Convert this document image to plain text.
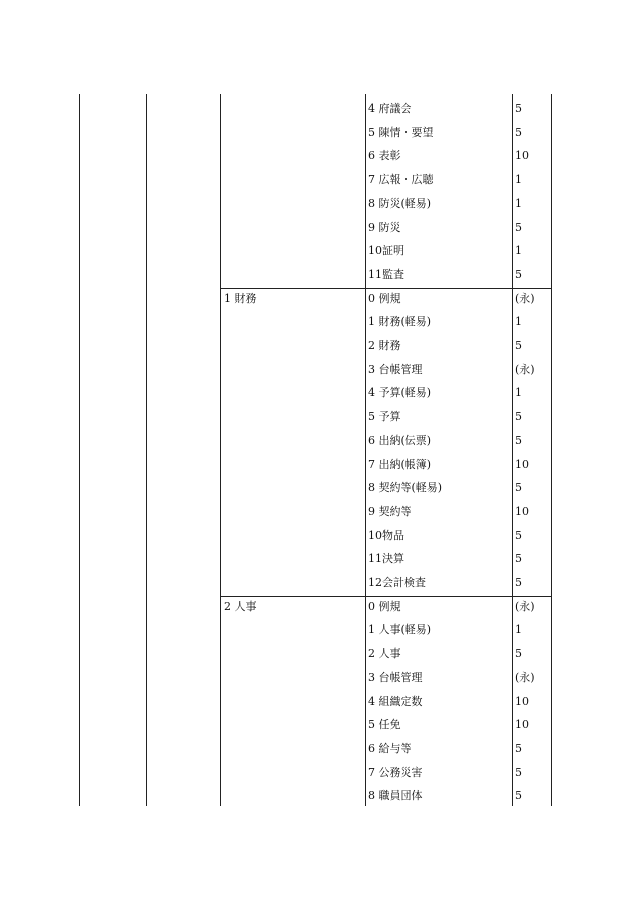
4 府議会	5
5 陳情・要望	5
6 表彰	10
7 広報・広聴	1
8 防災(軽易)	1
9 防災	5
10証明	1
11監査	5
1 財務	0 例規	(永)
1 財務(軽易)	1
2 財務	5
3 台帳管理	(永)
4 予算(軽易)	1
5 予算	5
6 出納(伝票)	5
7 出納(帳簿)	10
8 契約等(軽易)	5
9 契約等	10
10物品	5
11決算	5
12会計検査	5
2 人事	0 例規	(永)
1 人事(軽易)	1
2 人事	5
3 台帳管理	(永)
4 組織定数	10
5 任免	10
6 給与等	5
7 公務災害	5
8 職員団体	5
